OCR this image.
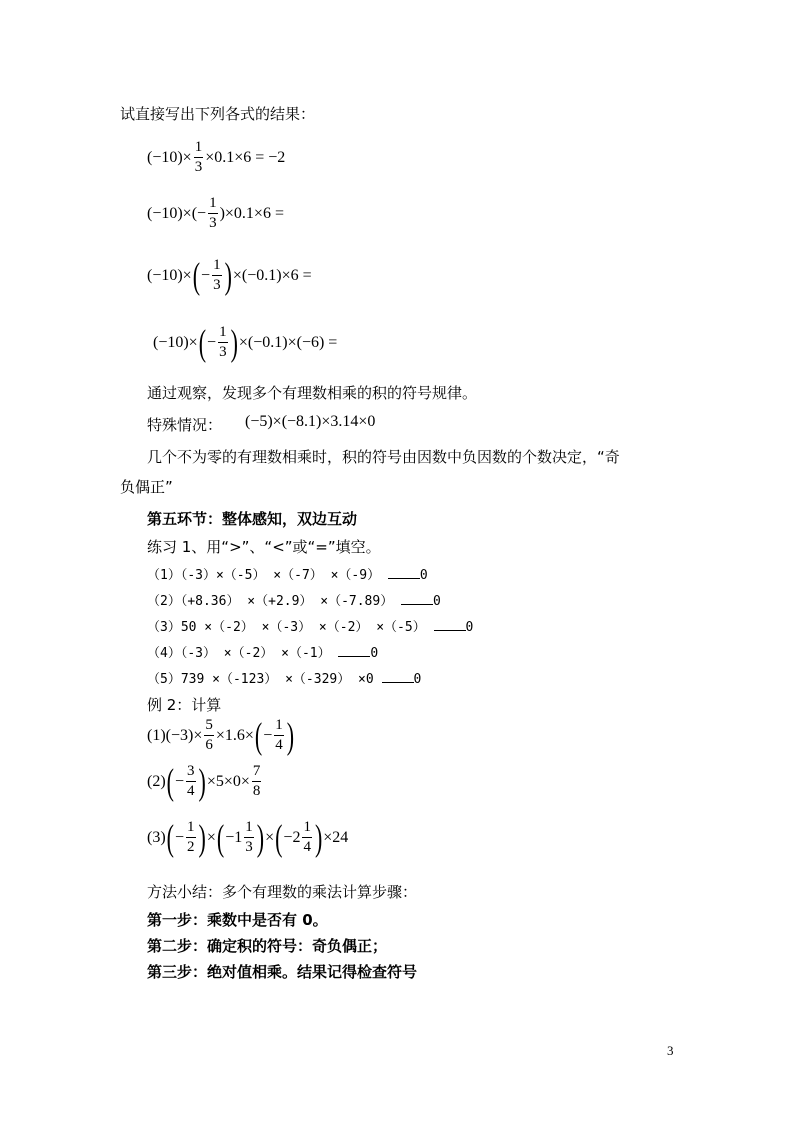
试直接写出下列各式的结果：
$(-10)\times \frac{1}{3} \times 0.1\times 6 = -2$
$(-10)\times(- \frac{1}{3} )\times 0.1\times 6$ =
(−10)× ( − $\frac{1}{3}$ ) ×(−0.1)×6 =
(−10)× ( − $\frac{1}{3}$ ) ×(−0.1)×(−6) =
通过观察，发现多个有理数相乘的积的符号规律。
特殊情况： (−5)×(−8.1)×3.14×0
几个不为零的有理数相乘时，积的符号由因数中负因数的个数决定，“奇
负偶正”
第五环节：整体感知，双边互动
练习 1、用“>”、“<”或“=”填空。
（1）（-3）×（-5） ×（-7） ×（-9）	0
（2）（+8.36） ×（+2.9） ×（-7.89）	0
（3）50 ×（-2） ×（-3） ×（-2） ×（-5）	0
（4）（-3） ×（-2） ×（-1）	0
（5）739 ×（-123） ×（-329） ×0	0
例 2：计算
(1) $(-3)\times \frac{5}{6} \times 1.6\times$ ( − $\frac{1}{4}$ )
(2) ( − $\frac{3}{4}$ ) $\times 5\times 0\times \frac{7}{8}$
(3) ( − $\frac{1}{2}$ ) × ( $-1 \frac{1}{3}$ ) × ( $-2 \frac{1}{4}$ ) ×24
方法小结：多个有理数的乘法计算步骤：
第一步：乘数中是否有 0。
第二步：确定积的符号：奇负偶正；
第三步：绝对值相乘。结果记得检查符号
3
